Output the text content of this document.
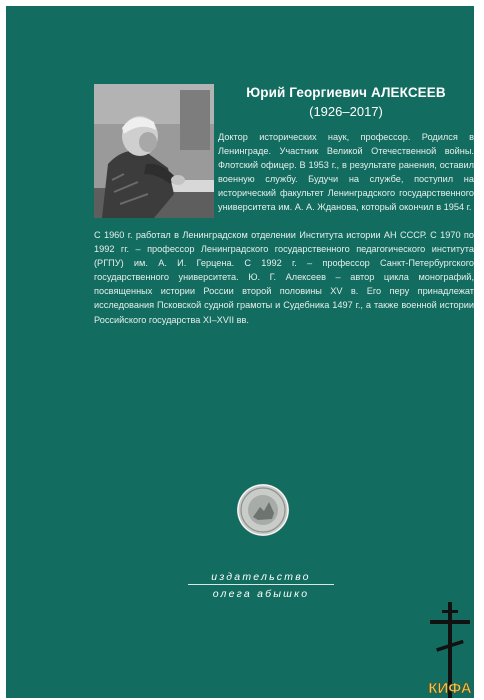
Юрий Георгиевич АЛЕКСЕЕВ
(1926–2017)

Доктор исторических наук, профессор. Родился в Ленинграде. Участник Великой Отечественной войны. Флотский офицер. В 1953 г., в результате ранения, оставил военную службу. Будучи на службе, поступил на исторический факультет Ленинградского государственного университета им. А. А. Жданова, который окончил в 1954 г.

С 1960 г. работал в Ленинградском отделении Института истории АН СССР. С 1970 по 1992 гг. – профессор Ленинградского государственного педагогического института (РГПУ) им. А. И. Герцена. С 1992 г. – профессор Санкт-Петербургского государственного университета. Ю. Г. Алексеев – автор цикла монографий, посвященных истории России второй половины XV в. Его перу принадлежат исследования Псковской судной грамоты и Судебника 1497 г., а также военной истории Российского государства XI–XVII вв.

издательство
олега абышко
КИФА
